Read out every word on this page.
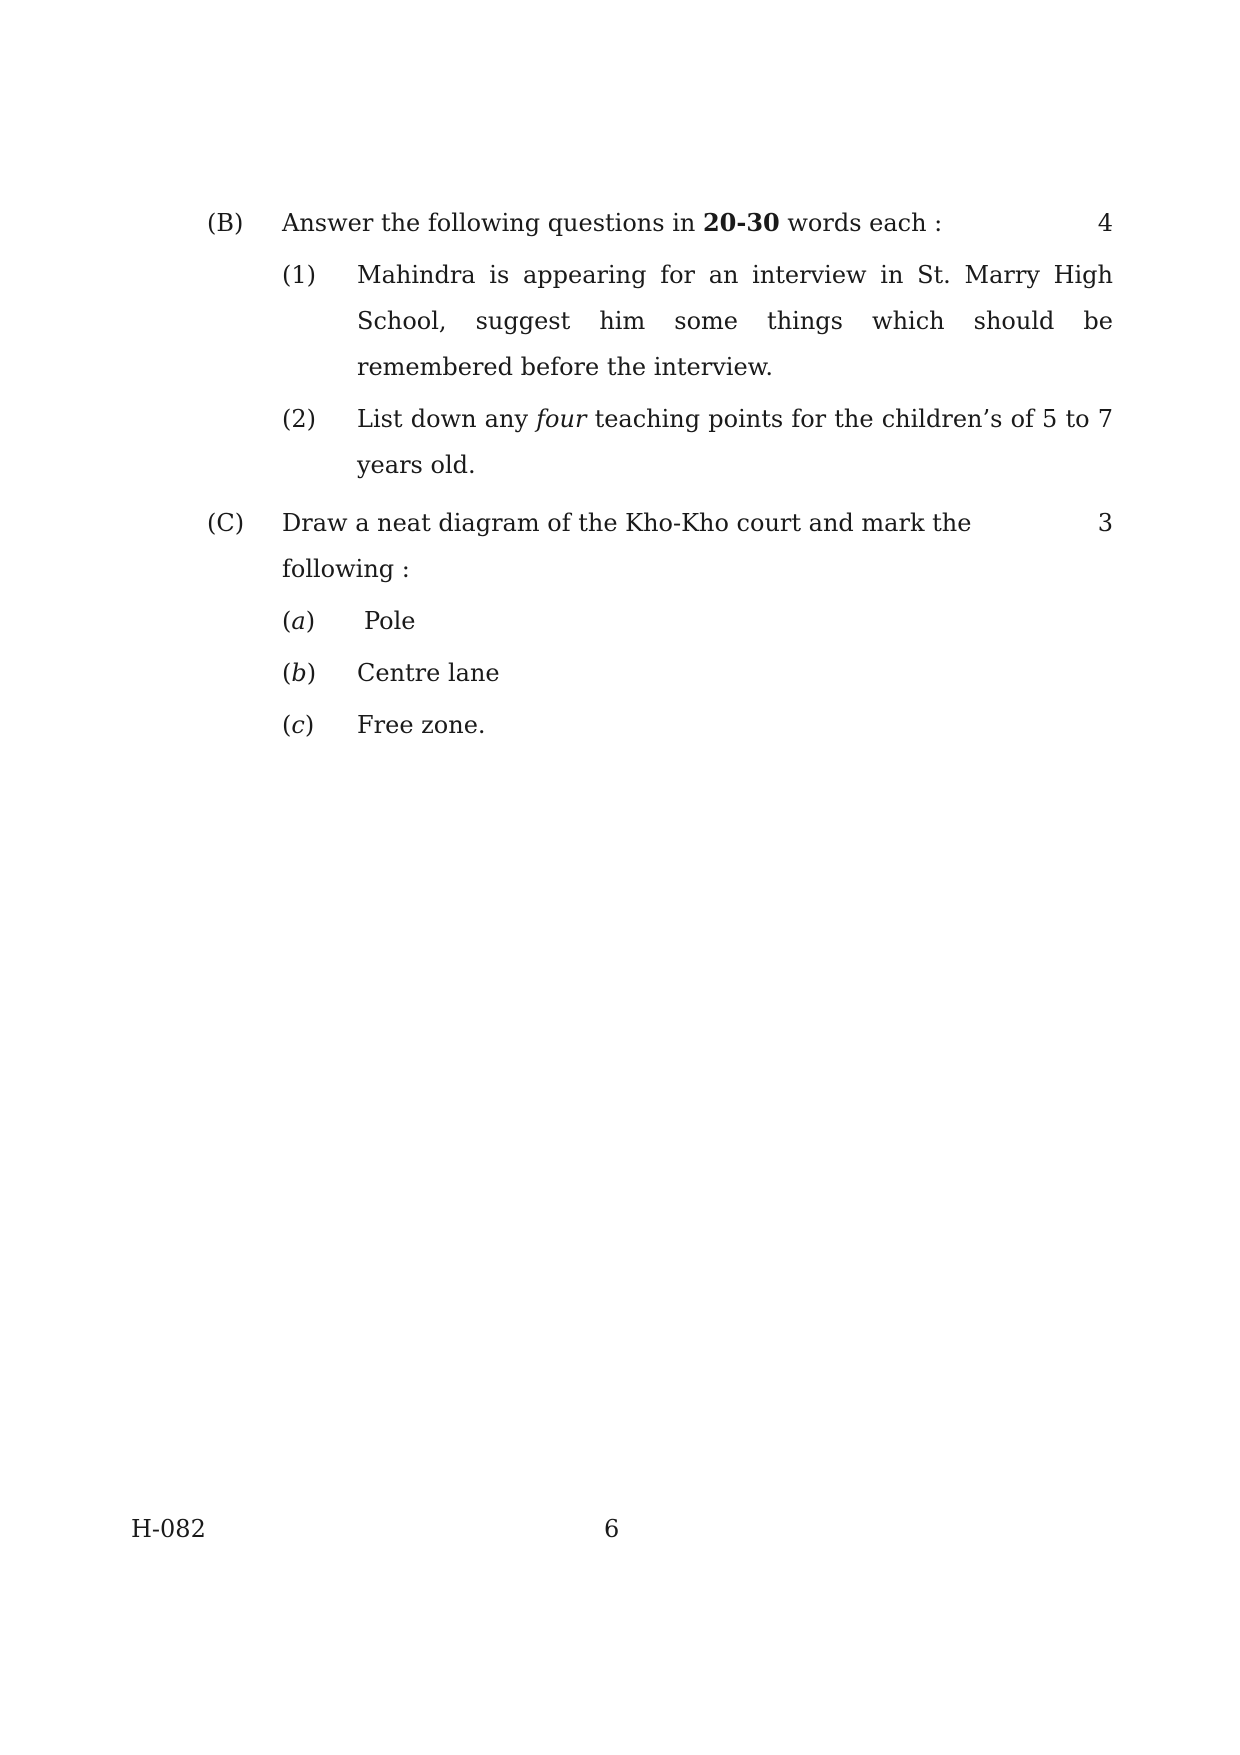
(B)	Answer the following questions in 20-30 words each :	4
(1)	Mahindra is appearing for an interview in St. Marry High School, suggest him some things which should be remembered before the interview.
(2)	List down any four teaching points for the children’s of 5 to 7 years old.
(C)	Draw a neat diagram of the Kho-Kho court and mark the following :
3
(a)	Pole
(b)	Centre lane
(c)	Free zone.
H-082	6
